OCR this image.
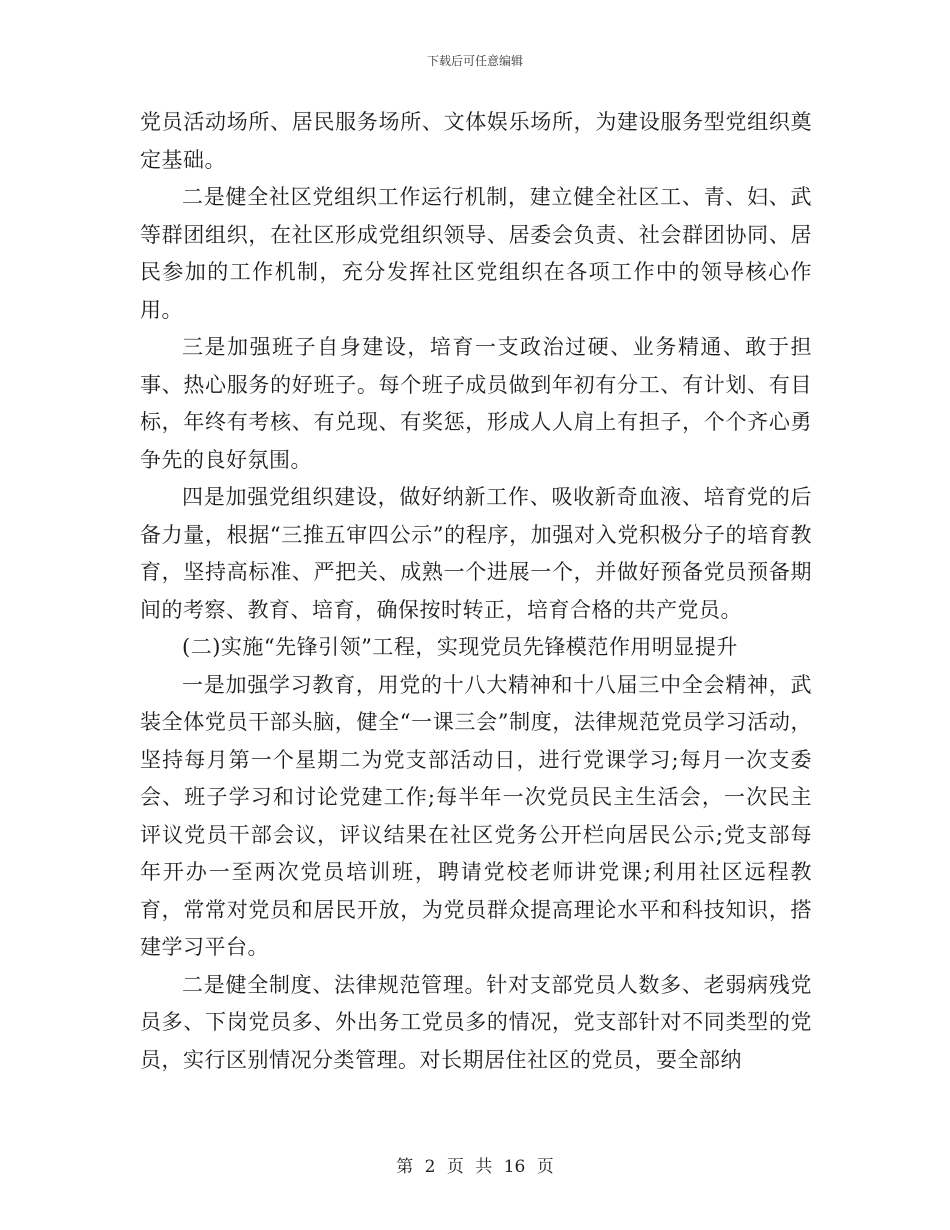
下载后可任意编辑

党员活动场所、居民服务场所、文体娱乐场所，为建设服务型党组织奠定基础。

二是健全社区党组织工作运行机制，建立健全社区工、青、妇、武等群团组织，在社区形成党组织领导、居委会负责、社会群团协同、居民参加的工作机制，充分发挥社区党组织在各项工作中的领导核心作用。

三是加强班子自身建设，培育一支政治过硬、业务精通、敢于担事、热心服务的好班子。每个班子成员做到年初有分工、有计划、有目标，年终有考核、有兑现、有奖惩，形成人人肩上有担子，个个齐心勇争先的良好氛围。

四是加强党组织建设，做好纳新工作、吸收新奇血液、培育党的后备力量，根据“三推五审四公示”的程序，加强对入党积极分子的培育教育，坚持高标准、严把关、成熟一个进展一个，并做好预备党员预备期间的考察、教育、培育，确保按时转正，培育合格的共产党员。

(二)实施“先锋引领”工程，实现党员先锋模范作用明显提升

一是加强学习教育，用党的十八大精神和十八届三中全会精神，武装全体党员干部头脑，健全“一课三会”制度，法律规范党员学习活动，坚持每月第一个星期二为党支部活动日，进行党课学习;每月一次支委会、班子学习和讨论党建工作;每半年一次党员民主生活会，一次民主评议党员干部会议，评议结果在社区党务公开栏向居民公示;党支部每年开办一至两次党员培训班，聘请党校老师讲党课;利用社区远程教育，常常对党员和居民开放，为党员群众提高理论水平和科技知识，搭建学习平台。

二是健全制度、法律规范管理。针对支部党员人数多、老弱病残党员多、下岗党员多、外出务工党员多的情况，党支部针对不同类型的党员，实行区别情况分类管理。对长期居住社区的党员，要全部纳

第 2 页 共 16 页
